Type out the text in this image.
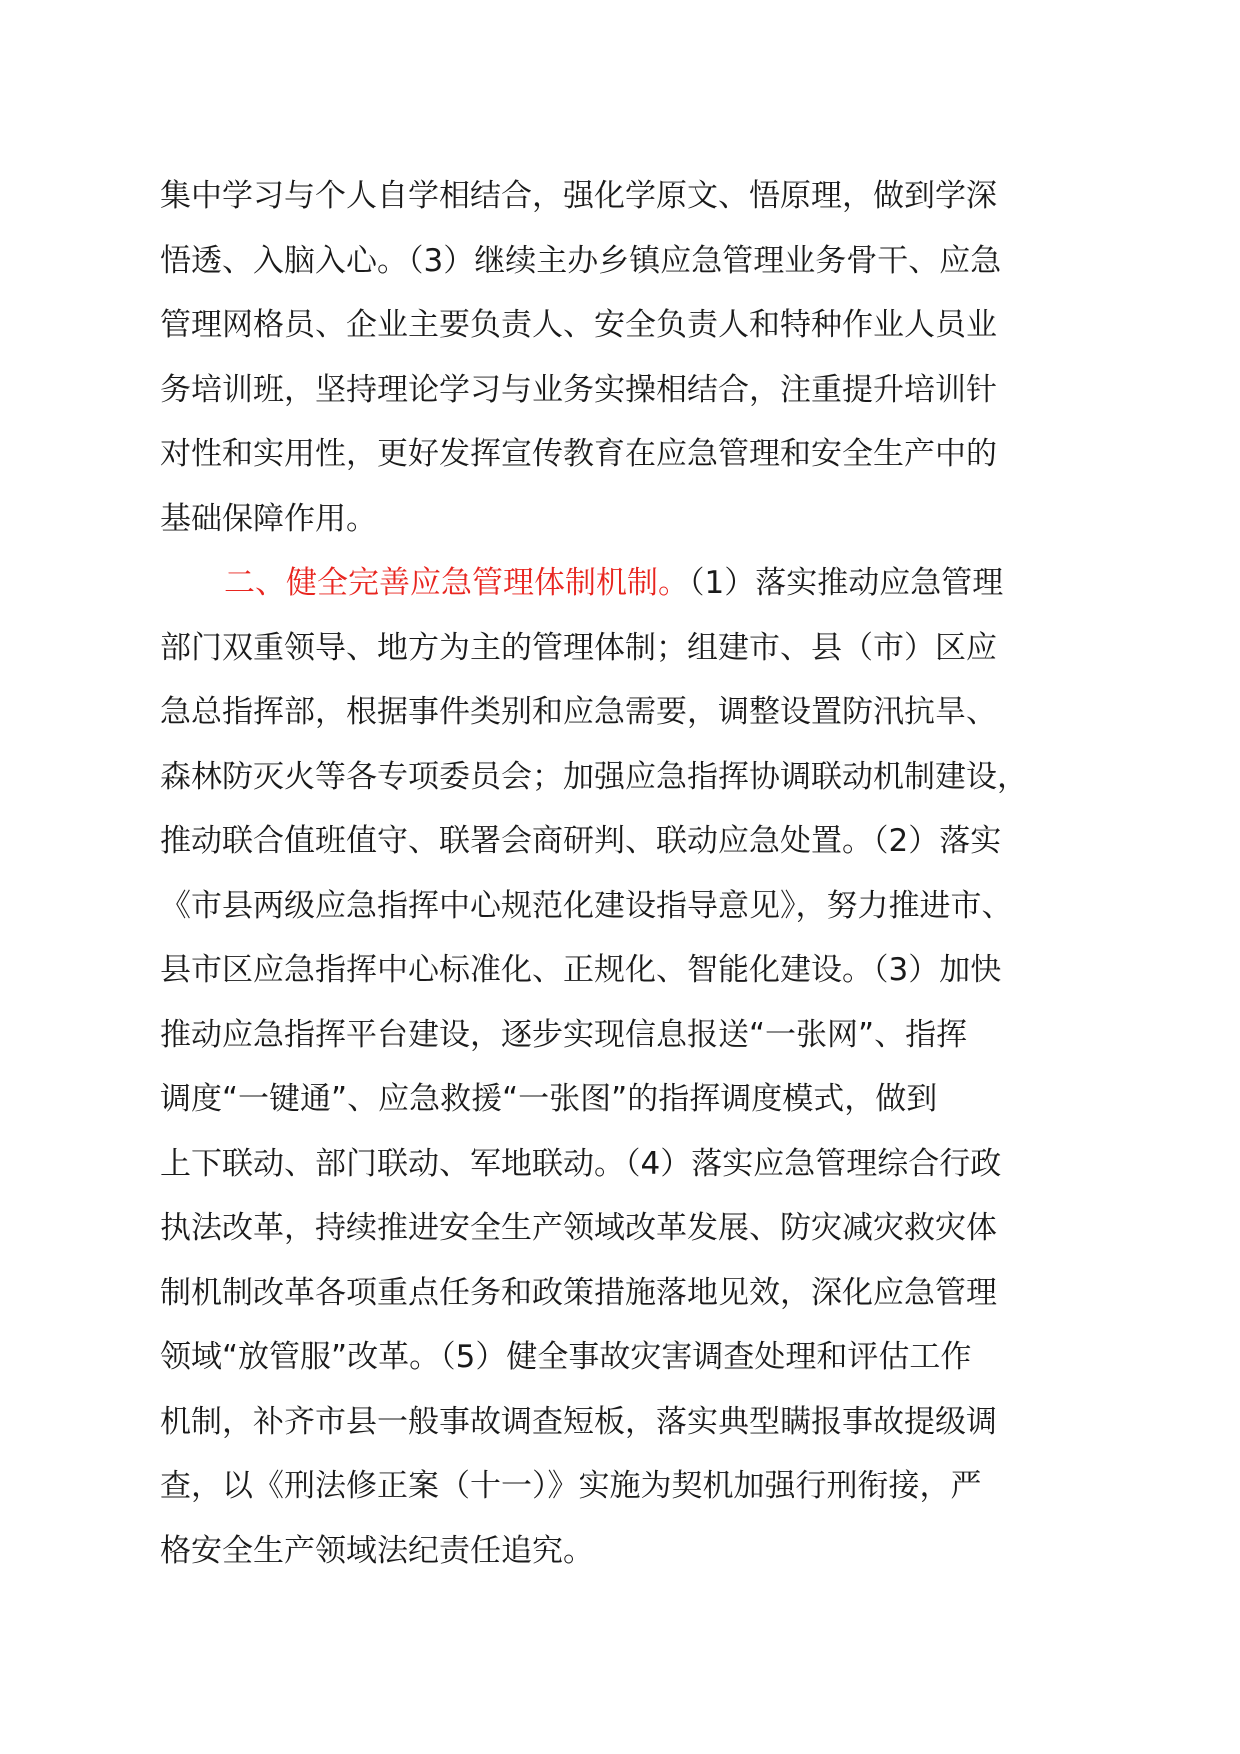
集中学习与个人自学相结合，强化学原文、悟原理，做到学深
悟透、入脑入心。（3）继续主办乡镇应急管理业务骨干、应急
管理网格员、企业主要负责人、安全负责人和特种作业人员业
务培训班，坚持理论学习与业务实操相结合，注重提升培训针
对性和实用性，更好发挥宣传教育在应急管理和安全生产中的
基础保障作用。
二、健全完善应急管理体制机制。（1）落实推动应急管理
部门双重领导、地方为主的管理体制；组建市、县（市）区应
急总指挥部，根据事件类别和应急需要，调整设置防汛抗旱、
森林防灭火等各专项委员会；加强应急指挥协调联动机制建设，
推动联合值班值守、联署会商研判、联动应急处置。（2）落实
《市县两级应急指挥中心规范化建设指导意见》，努力推进市、
县市区应急指挥中心标准化、正规化、智能化建设。（3）加快
推动应急指挥平台建设，逐步实现信息报送“一张网”、指挥
调度“一键通”、应急救援“一张图”的指挥调度模式，做到
上下联动、部门联动、军地联动。（4）落实应急管理综合行政
执法改革，持续推进安全生产领域改革发展、防灾减灾救灾体
制机制改革各项重点任务和政策措施落地见效，深化应急管理
领域“放管服”改革。（5）健全事故灾害调查处理和评估工作
机制，补齐市县一般事故调查短板，落实典型瞒报事故提级调
查，以《刑法修正案（十一）》实施为契机加强行刑衔接，严
格安全生产领域法纪责任追究。
